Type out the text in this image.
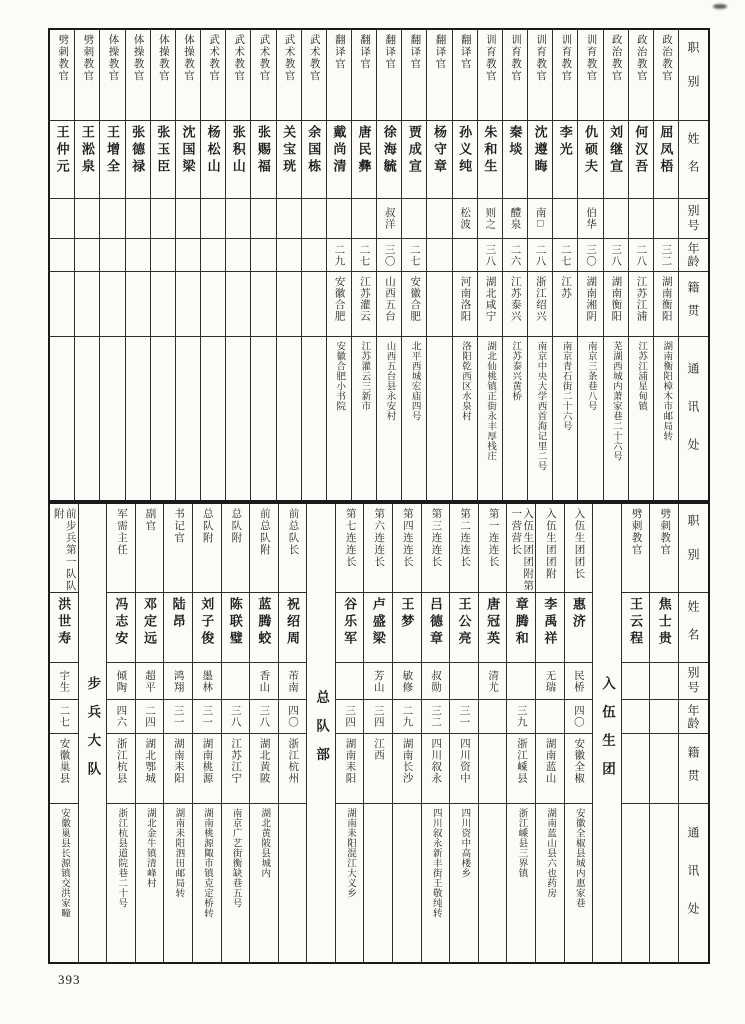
职别
姓名
别号
年龄
籍贯
通讯处
政治教官
屈凤梧
三二
湖南衡阳
湖南衡阳樟木市邮局转
政治教官
何汉吾
二八
江苏江浦
江苏江浦星甸镇
政治教官
刘继宣
三八
湖南衡阳
芜湖西城内萧家巷二十六号
训育教官
仇硕夫
伯华
三〇
湖南湘阴
南京三条巷八号
训育教官
李光
二七
江苏
南京青石街二十六号
训育教官
沈遵晦
南□
二八
浙江绍兴
南京中央大学西首海记里二号
训育教官
秦埮
醴泉
二六
江苏泰兴
江苏泰兴黄桥
训育教官
朱和生
则之
三八
湖北咸宁
湖北仙桃镇正街永丰厚栈庄
翻译官
孙义纯
松波
河南洛阳
洛阳乾西区水泉村
翻译官
杨守章
翻译官
贾成宣
二七
安徽合肥
北平西城宏庙四号
翻译官
徐海毓
叔洋
三〇
山西五台
山西五台县永安村
翻译官
唐民彝
二七
江苏灌云
江苏灌云三新市
翻译官
戴尚清
二九
安徽合肥
安徽合肥小书院
武术教官
余国栋
武术教官
关宝珖
武术教官
张赐福
武术教官
张积山
武术教官
杨松山
体操教官
沈国梁
体操教官
张玉臣
体操教官
张德禄
体操教官
王增全
劈刺教官
王淞泉
劈刺教官
王仲元
职别
姓名
别号
年龄
籍贯
通讯处
劈刺教官
焦士贵
劈刺教官
王云程
入伍生团
入伍生团团长
惠济
民桥
四〇
安徽全椒
安徽全椒县城内惠家巷
入伍生团团附
李禹祥
无瑞
湖南蓝山
湖南蓝山县六也药房
入伍生团团附第一营营长
章腾和
三九
浙江嵊县
浙江嵊县三界镇
第一连连长
唐冠英
清尤
第二连连长
王公亮
三一
四川资中
四川资中高楼乡
第三连连长
吕德章
叔勋
三二
四川叙永
四川叙永新丰街王敬纯转
第四连连长
王梦
敏修
二九
湖南长沙
第六连连长
卢盛梁
芳山
三四
江西
第七连连长
谷乐军
三四
湖南耒阳
湖南耒阳混江大义乡
总队部
前总队长
祝绍周
芾南
四〇
浙江杭州
前总队附
蓝腾蛟
香山
三八
湖北黄陂
湖北黄陂县城内
总队附
陈联璧
三八
江苏江宁
南京广艺街衡缺巷五号
总队附
刘子俊
墨林
三一
湖南桃源
湖南桃源陬市镇克定桥转
书记官
陆昂
鸿翔
三一
湖南耒阳
湖南耒阳泗田邮局转
副官
邓定远
超平
二四
湖北鄂城
湖北金牛镇清峰村
军需主任
冯志安
倾陶
四六
浙江杭县
浙江杭县道院巷二十号
步兵大队
前步兵第一队队附
洪世寿
宇生
二七
安徽巢县
安徽巢县长源镇交洪家疃
393
